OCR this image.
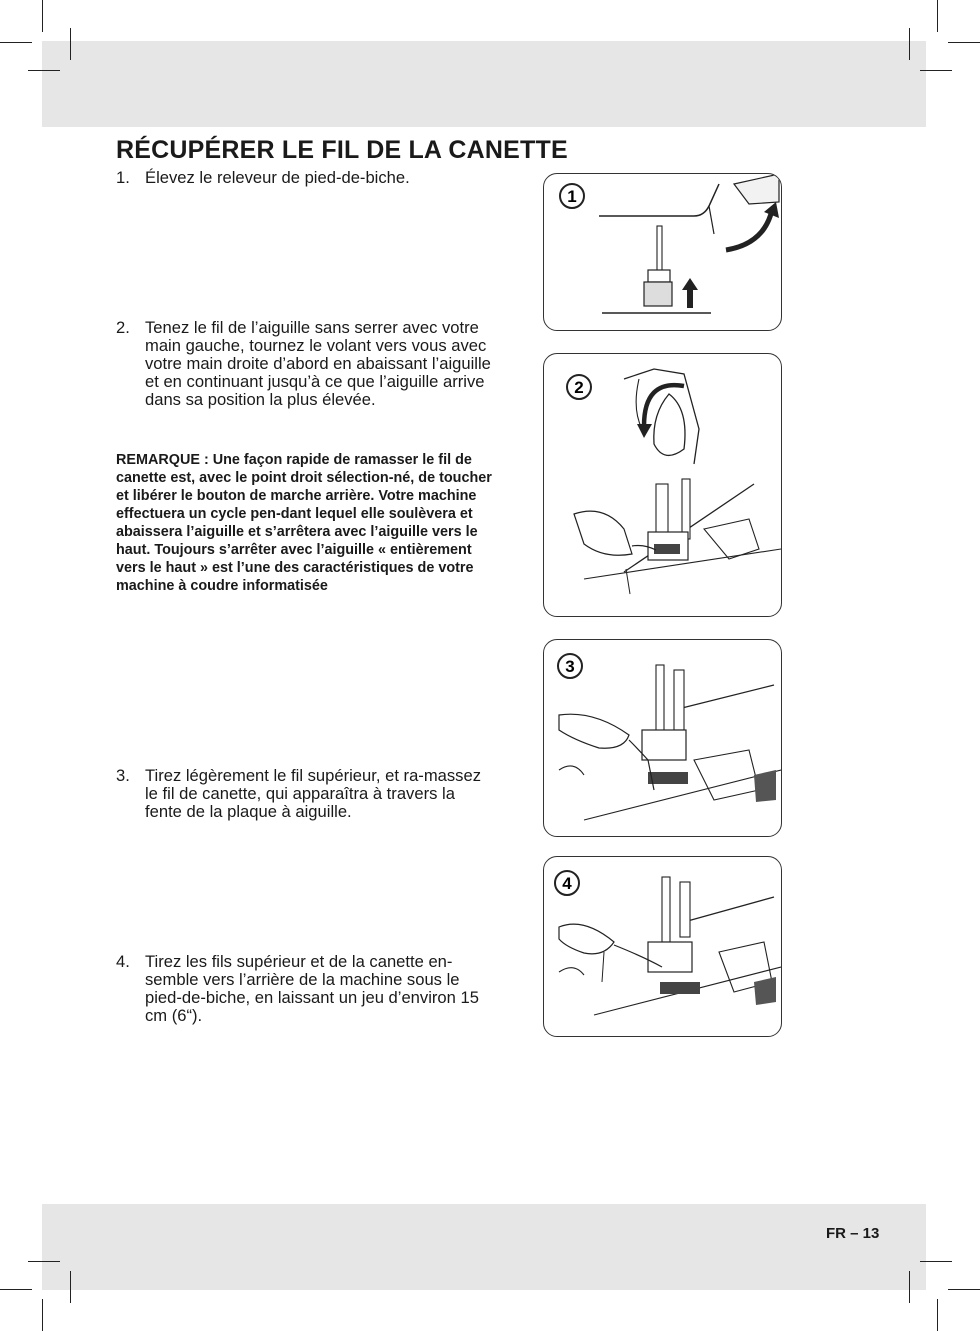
RÉCUPÉRER LE FIL DE LA CANETTE
1. Élevez le releveur de pied-de-biche.
2. Tenez le fil de l’aiguille sans serrer avec votre main gauche, tournez le volant vers vous avec votre main droite d’abord en abaissant l’aiguille et en continuant jusqu’à ce que l’aiguille arrive dans sa position la plus élevée.

REMARQUE : Une façon rapide de ramasser le fil de canette est, avec le point droit sélection-né, de toucher et libérer le bouton de marche arrière. Votre machine effectuera un cycle pen-dant lequel elle soulèvera et abaissera l’aiguille et s’arrêtera avec l’aiguille vers le haut. Toujours s’arrêter avec l’aiguille « entièrement vers le haut » est l’une des caractéristiques de votre machine à coudre informatisée

3. Tirez légèrement le fil supérieur, et ra-massez le fil de canette, qui apparaîtra à travers la fente de la plaque à aiguille.
4. Tirez les fils supérieur et de la canette en-semble vers l’arrière de la machine sous le pied-de-biche, en laissant un jeu d’environ 15 cm (6“).
1
2
3
4
FR – 13
